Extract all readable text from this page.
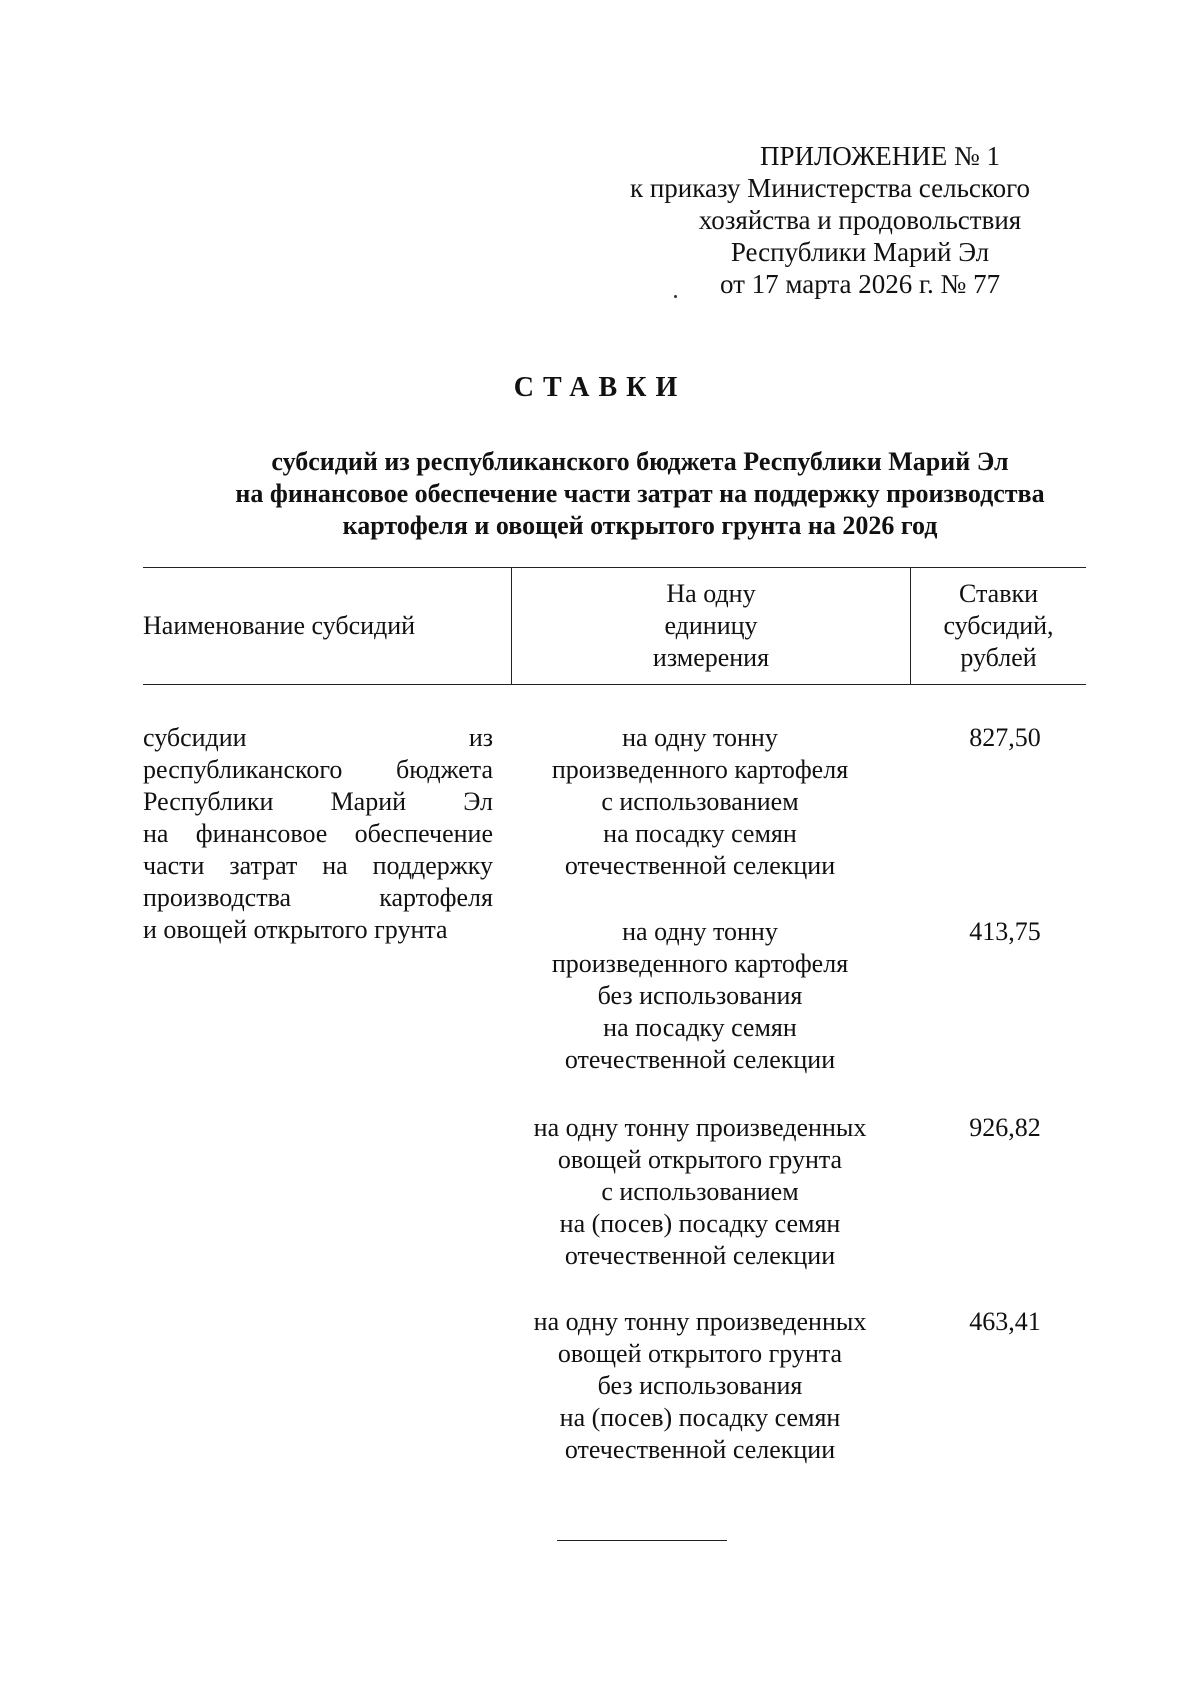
ПРИЛОЖЕНИЕ № 1
к приказу Министерства сельского
хозяйства и продовольствия
Республики Марий Эл
от 17 марта 2026 г. № 77
СТАВКИ
субсидий из республиканского бюджета Республики Марий Эл
на финансовое обеспечение части затрат на поддержку производства
картофеля и овощей открытого грунта на 2026 год
Наименование субсидий
На одну
единицу
измерения
Ставки
субсидий,
рублей
субсидии	из
республиканского бюджета
Республики Марий Эл
на финансовое обеспечение
части затрат на поддержку
производства	картофеля
и овощей открытого грунта
на одну тонну
произведенного картофеля
с использованием
на посадку семян
отечественной селекции
827,50
на одну тонну
произведенного картофеля
без использования
на посадку семян
отечественной селекции
413,75
на одну тонну произведенных
овощей открытого грунта
с использованием
на (посев) посадку семян
отечественной селекции
926,82
на одну тонну произведенных
овощей открытого грунта
без использования
на (посев) посадку семян
отечественной селекции
463,41
